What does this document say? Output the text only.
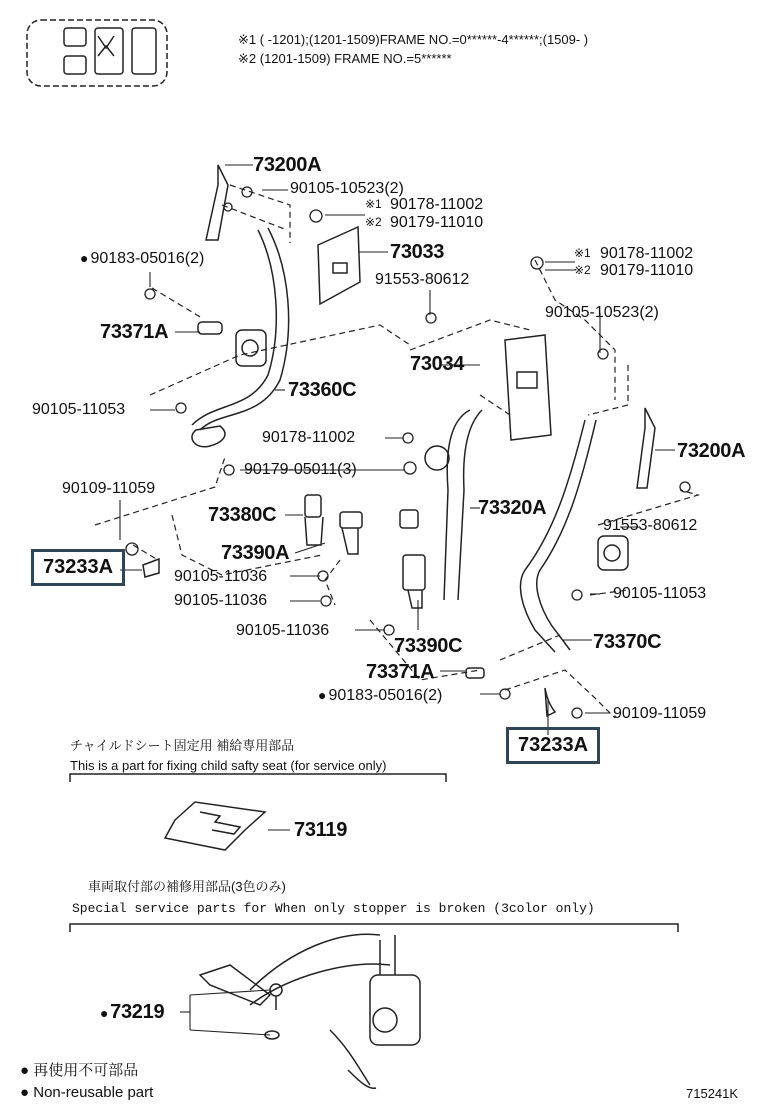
※1 ( -1201);(1201-1509)FRAME NO.=0******-4******;(1509- )
※2 (1201-1509) FRAME NO.=5******
73200A
90105-10523(2)
※1 90178-11002
※2 90179-11010
73033
● 90183-05016(2)
91553-80612
※1 90178-11002
※2 90179-11010
90105-10523(2)
73371A
73034
73360C
90105-11053
90178-11002
73200A
90179-05011(3)
90109-11059
73380C	73320A
91553-80612
73390A
73233A	90105-11036
90105-11053
90105-11036
90105-11036
73370C
73390C
73371A
● 90183-05016(2)
90109-11059
73233A
チャイルドシート固定用 補給専用部品
This is a part for fixing child safty seat (for service only)
73119
車両取付部の補修用部品(3色のみ)
Special service parts for When only stopper is broken (3color only)
● 73219
● 再使用不可部品
● Non-reusable part	715241K
